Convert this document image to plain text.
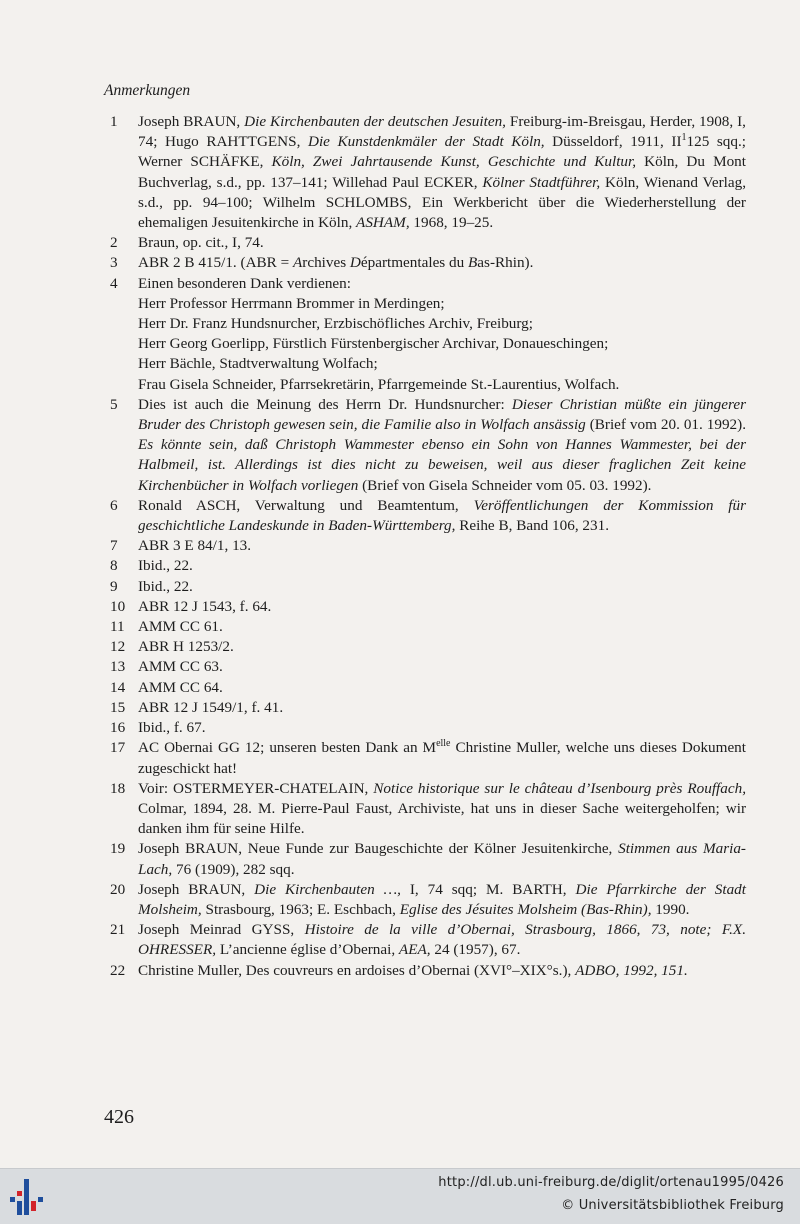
Anmerkungen
1	Joseph BRAUN, Die Kirchenbauten der deutschen Jesuiten, Freiburg-im-Breisgau, Herder, 1908, I, 74; Hugo RAHTTGENS, Die Kunstdenkmäler der Stadt Köln, Düsseldorf, 1911, $II^1125$ sqq.; Werner SCHÄFKE, Köln, Zwei Jahrtausende Kunst, Geschichte und Kultur, Köln, Du Mont Buchverlag, s.d., pp. 137–141; Willehad Paul ECKER, Kölner Stadtführer, Köln, Wienand Verlag, s.d., pp. 94–100; Wilhelm SCHLOMBS, Ein Werkbericht über die Wiederherstellung der ehemaligen Jesuitenkirche in Köln, ASHAM, 1968, 19–25.
2	Braun, op. cit., I, 74.
3	ABR 2 B 415/1. (ABR = Archives Départmentales du Bas-Rhin).
4	Einen besonderen Dank verdienen:
Herr Professor Herrmann Brommer in Merdingen;
Herr Dr. Franz Hundsnurcher, Erzbischöfliches Archiv, Freiburg;
Herr Georg Goerlipp, Fürstlich Fürstenbergischer Archivar, Donaueschingen;
Herr Bächle, Stadtverwaltung Wolfach;
Frau Gisela Schneider, Pfarrsekretärin, Pfarrgemeinde St.-Laurentius, Wolfach.
5	Dies ist auch die Meinung des Herrn Dr. Hundsnurcher: Dieser Christian müßte ein jüngerer Bruder des Christoph gewesen sein, die Familie also in Wolfach ansässig (Brief vom 20. 01. 1992). Es könnte sein, daß Christoph Wammester ebenso ein Sohn von Hannes Wammester, bei der Halbmeil, ist. Allerdings ist dies nicht zu beweisen, weil aus dieser fraglichen Zeit keine Kirchenbücher in Wolfach vorliegen (Brief von Gisela Schneider vom 05. 03. 1992).
6	Ronald ASCH, Verwaltung und Beamtentum, Veröffentlichungen der Kommission für geschichtliche Landeskunde in Baden-Württemberg, Reihe B, Band 106, 231.
7	ABR 3 E 84/1, 13.
8	Ibid., 22.
9	Ibid., 22.
10 ABR 12 J 1543, f. 64.
11 AMM CC 61.
12 ABR H 1253/2.
13 AMM CC 63.
14 AMM CC 64.
15 ABR 12 J 1549/1, f. 41.
16 Ibid., f. 67.
17 AC Obernai GG 12; unseren besten Dank an $M^{elle}$ Christine Muller, welche uns dieses Dokument zugeschickt hat!
18 Voir: OSTERMEYER-CHATELAIN, Notice historique sur le château d’Isenbourg près Rouffach, Colmar, 1894, 28. M. Pierre-Paul Faust, Archiviste, hat uns in dieser Sache weitergeholfen; wir danken ihm für seine Hilfe.
19 Joseph BRAUN, Neue Funde zur Baugeschichte der Kölner Jesuitenkirche, Stimmen aus Maria-Lach, 76 (1909), 282 sqq.
20 Joseph BRAUN, Die Kirchenbauten …, I, 74 sqq; M. BARTH, Die Pfarrkirche der Stadt Molsheim, Strasbourg, 1963; E. Eschbach, Eglise des Jésuites Molsheim (Bas-Rhin), 1990.
21 Joseph Meinrad GYSS, Histoire de la ville d’Obernai, Strasbourg, 1866, 73, note; F.X. OHRESSER, L’ancienne église d’Obernai, AEA, 24 (1957), 67.
22 Christine Muller, Des couvreurs en ardoises d’Obernai (XVI°–XIX°s.), ADBO, 1992, 151.
426
http://dl.ub.uni-freiburg.de/diglit/ortenau1995/0426
© Universitätsbibliothek Freiburg
